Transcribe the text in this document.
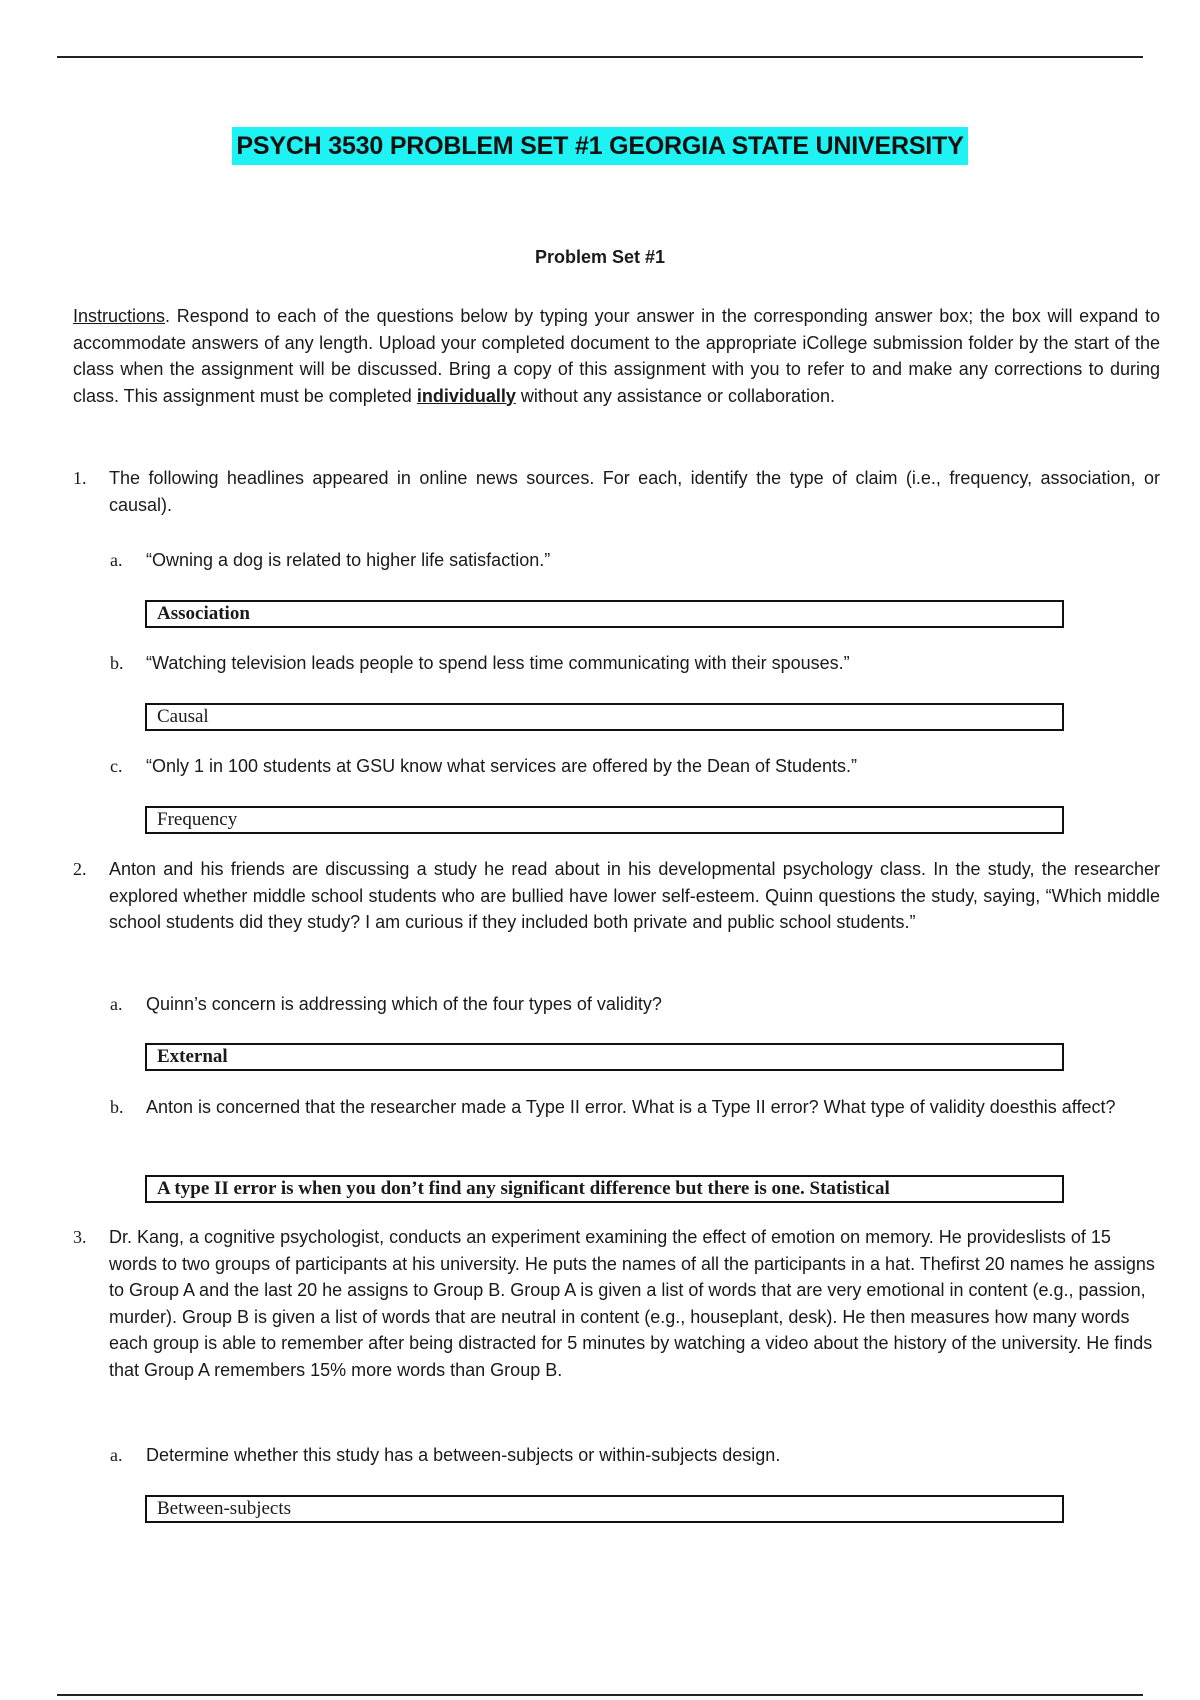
PSYCH 3530 PROBLEM SET #1 GEORGIA STATE UNIVERSITY
Problem Set #1
Instructions. Respond to each of the questions below by typing your answer in the corresponding answer box; the box will expand to accommodate answers of any length. Upload your completed document to the appropriate iCollege submission folder by the start of the class when the assignment will be discussed. Bring a copy of this assignment with you to refer to and make any corrections to during class. This assignment must be completed individually without any assistance or collaboration.
1. The following headlines appeared in online news sources. For each, identify the type of claim (i.e., frequency, association, or causal).
a. “Owning a dog is related to higher life satisfaction.”
Association
b. “Watching television leads people to spend less time communicating with their spouses.”
Causal
c. “Only 1 in 100 students at GSU know what services are offered by the Dean of Students.”
Frequency
2. Anton and his friends are discussing a study he read about in his developmental psychology class. In the study, the researcher explored whether middle school students who are bullied have lower self-esteem. Quinn questions the study, saying, “Which middle school students did they study? I am curious if they included both private and public school students.”
a. Quinn’s concern is addressing which of the four types of validity?
External
b. Anton is concerned that the researcher made a Type II error. What is a Type II error? What type of validity doesthis affect?
A type II error is when you don’t find any significant difference but there is one. Statistical
3. Dr. Kang, a cognitive psychologist, conducts an experiment examining the effect of emotion on memory. He provideslists of 15 words to two groups of participants at his university. He puts the names of all the participants in a hat. Thefirst 20 names he assigns to Group A and the last 20 he assigns to Group B. Group A is given a list of words that are very emotional in content (e.g., passion, murder). Group B is given a list of words that are neutral in content (e.g., houseplant, desk). He then measures how many words each group is able to remember after being distracted for 5 minutes by watching a video about the history of the university. He finds that Group A remembers 15% more words than Group B.
a. Determine whether this study has a between-subjects or within-subjects design.
Between-subjects
